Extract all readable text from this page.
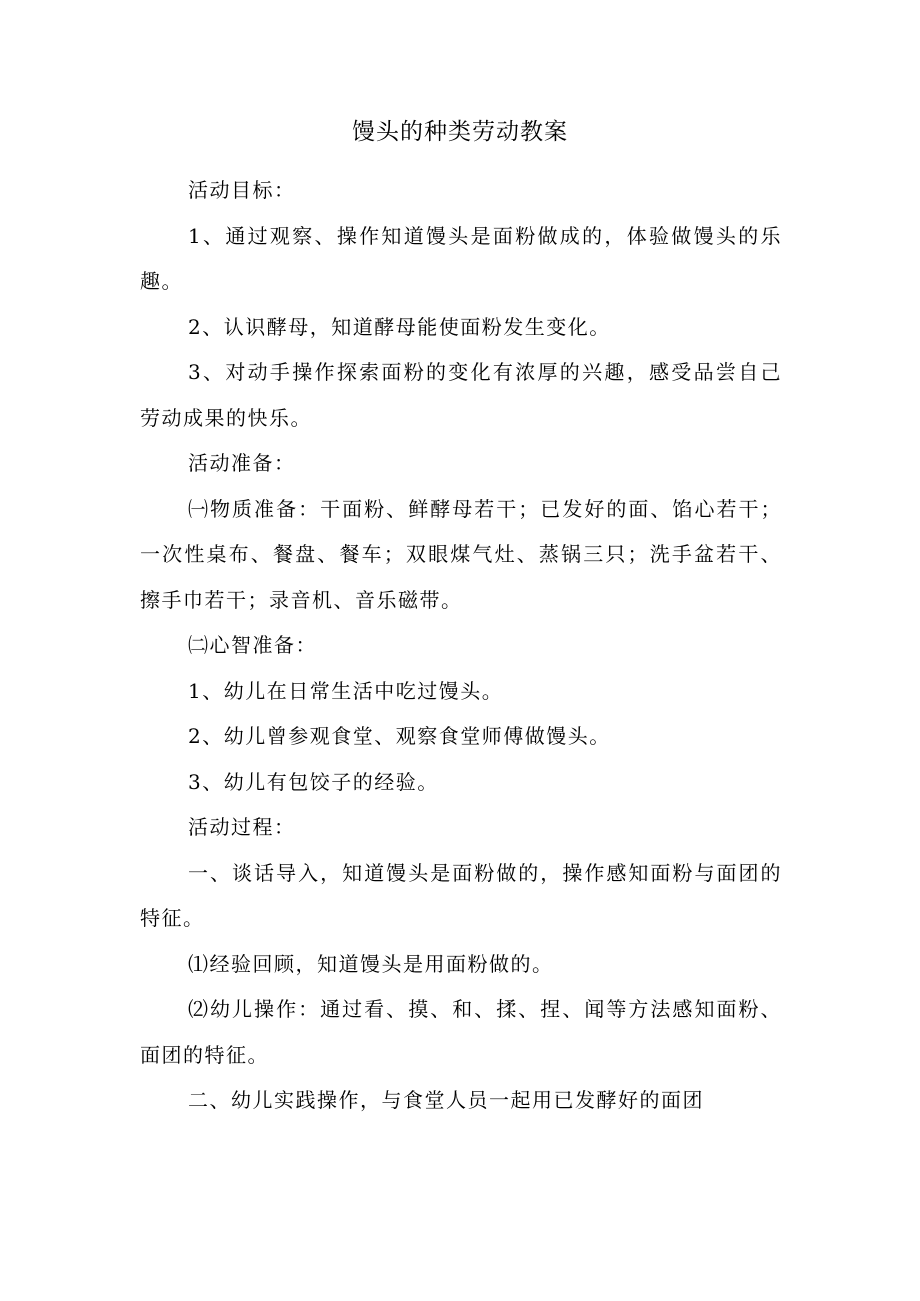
馒头的种类劳动教案

活动目标：

1、通过观察、操作知道馒头是面粉做成的，体验做馒头的乐趣。

2、认识酵母，知道酵母能使面粉发生变化。

3、对动手操作探索面粉的变化有浓厚的兴趣，感受品尝自己劳动成果的快乐。

活动准备：

㈠物质准备：干面粉、鲜酵母若干；已发好的面、馅心若干；一次性桌布、餐盘、餐车；双眼煤气灶、蒸锅三只；洗手盆若干、擦手巾若干；录音机、音乐磁带。

㈡心智准备：

1、幼儿在日常生活中吃过馒头。

2、幼儿曾参观食堂、观察食堂师傅做馒头。

3、幼儿有包饺子的经验。

活动过程：

一、谈话导入，知道馒头是面粉做的，操作感知面粉与面团的特征。

⑴经验回顾，知道馒头是用面粉做的。

⑵幼儿操作：通过看、摸、和、揉、捏、闻等方法感知面粉、面团的特征。

二、幼儿实践操作，与食堂人员一起用已发酵好的面团
